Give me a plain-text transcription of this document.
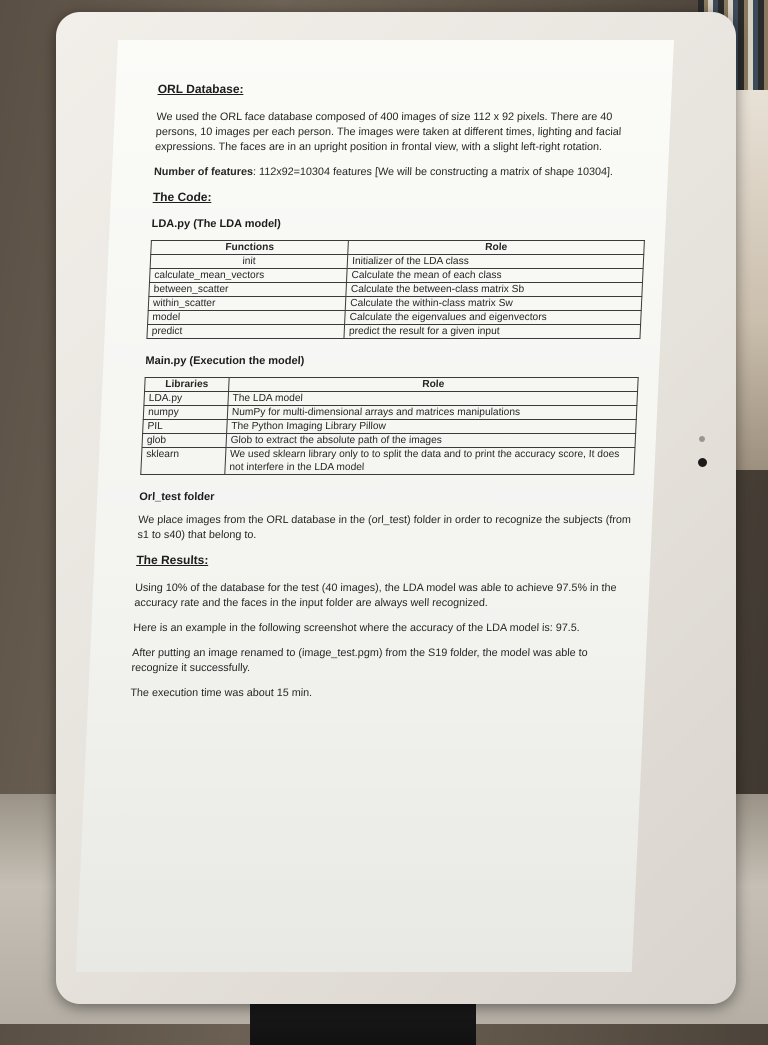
ORL Database:

We used the ORL face database composed of 400 images of size 112 x 92 pixels. There are 40 persons, 10 images per each person. The images were taken at different times, lighting and facial expressions. The faces are in an upright position in frontal view, with a slight left-right rotation.

Number of features: 112x92=10304 features [We will be constructing a matrix of shape 10304].

The Code:
LDA.py (The LDA model)
Functions	Role
init	Initializer of the LDA class
calculate_mean_vectors	Calculate the mean of each class
between_scatter	Calculate the between-class matrix Sb
within_scatter	Calculate the within-class matrix Sw
model	Calculate the eigenvalues and eigenvectors
predict	predict the result for a given input
Main.py (Execution the model)
Libraries	Role
LDA.py	The LDA model
numpy	NumPy for multi-dimensional arrays and matrices manipulations
PIL	The Python Imaging Library Pillow
glob	Glob to extract the absolute path of the images
sklearn	We used sklearn library only to to split the data and to print the accuracy score, It does not interfere in the LDA model
Orl_test folder

We place images from the ORL database in the (orl_test) folder in order to recognize the subjects (from s1 to s40) that belong to.

The Results:

Using 10% of the database for the test (40 images), the LDA model was able to achieve 97.5% in the accuracy rate and the faces in the input folder are always well recognized.

Here is an example in the following screenshot where the accuracy of the LDA model is: 97.5.

After putting an image renamed to (image_test.pgm) from the S19 folder, the model was able to recognize it successfully.

The execution time was about 15 min.
